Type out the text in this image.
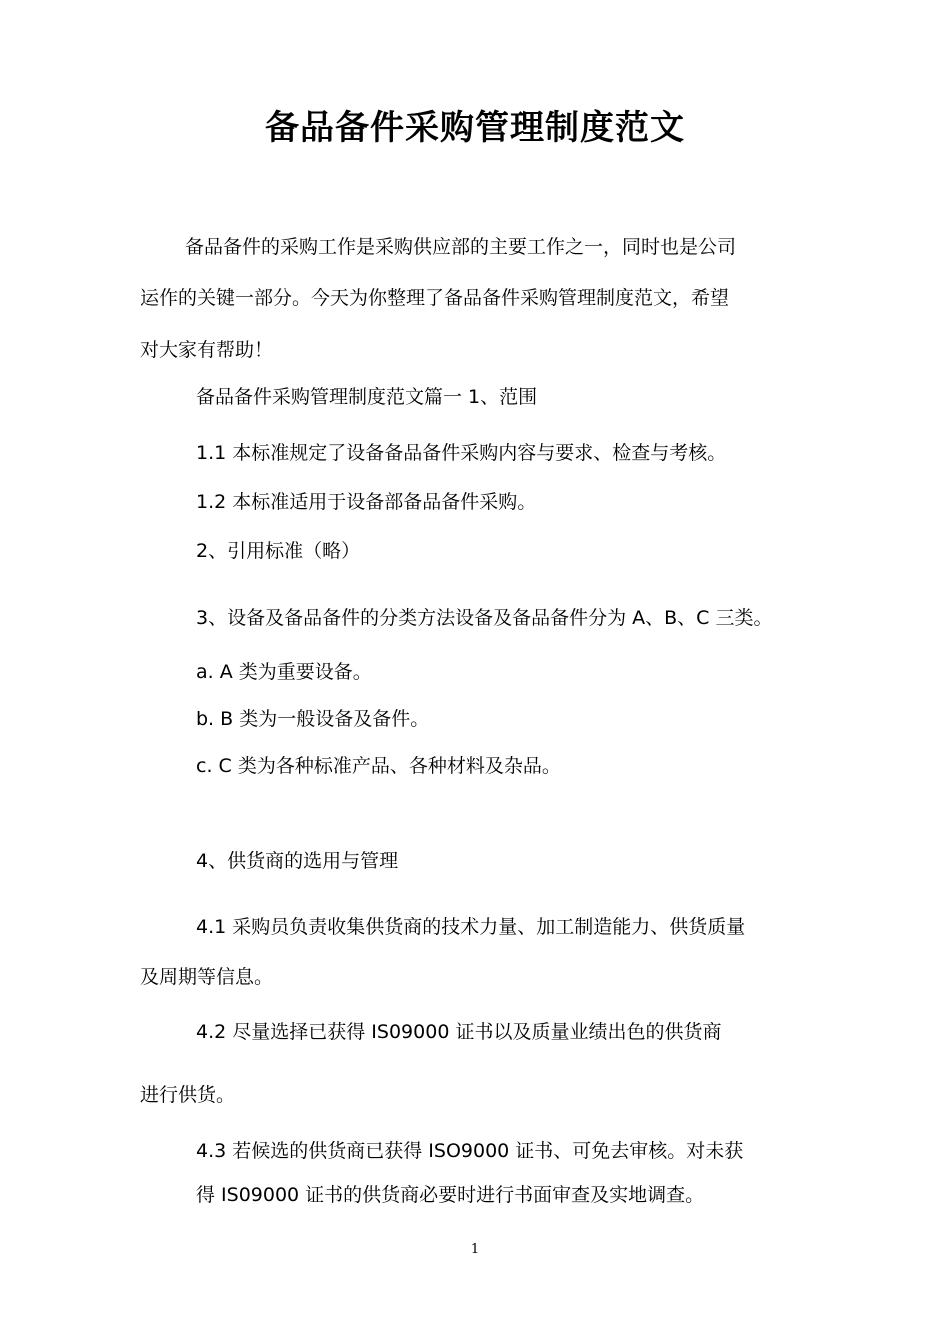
备品备件采购管理制度范文
备品备件的采购工作是采购供应部的主要工作之一，同时也是公司
运作的关键一部分。今天为你整理了备品备件采购管理制度范文，希望
对大家有帮助！
备品备件采购管理制度范文篇一 1、范围
1.1 本标准规定了设备备品备件采购内容与要求、检查与考核。
1.2 本标准适用于设备部备品备件采购。
2、引用标准（略）
3、设备及备品备件的分类方法设备及备品备件分为 A、B、C 三类。
a. A 类为重要设备。
b. B 类为一般设备及备件。
c. C 类为各种标准产品、各种材料及杂品。
4、供货商的选用与管理
4.1 采购员负责收集供货商的技术力量、加工制造能力、供货质量
及周期等信息。
4.2 尽量选择已获得 IS09000 证书以及质量业绩出色的供货商
进行供货。
4.3 若候选的供货商已获得 ISO9000 证书、可免去审核。对未获
得 IS09000 证书的供货商必要时进行书面审查及实地调查。
1
